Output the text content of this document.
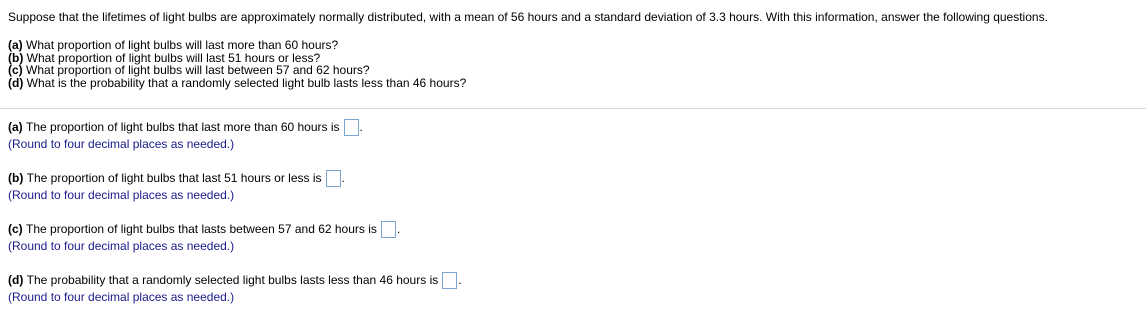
Suppose that the lifetimes of light bulbs are approximately normally distributed, with a mean of 56 hours and a standard deviation of 3.3 hours. With this information, answer the following questions.
(a) What proportion of light bulbs will last more than 60 hours?
(b) What proportion of light bulbs will last 51 hours or less?
(c) What proportion of light bulbs will last between 57 and 62 hours?
(d) What is the probability that a randomly selected light bulb lasts less than 46 hours?
(a)
The proportion of light bulbs that last more than 60 hours is .
(Round to four decimal places as needed.)
(b)
The proportion of light bulbs that last 51 hours or less is .
(Round to four decimal places as needed.)
(c)
The proportion of light bulbs that lasts between 57 and 62 hours is .
(Round to four decimal places as needed.)
(d)
The probability that a randomly selected light bulbs lasts less than 46 hours is .
(Round to four decimal places as needed.)
